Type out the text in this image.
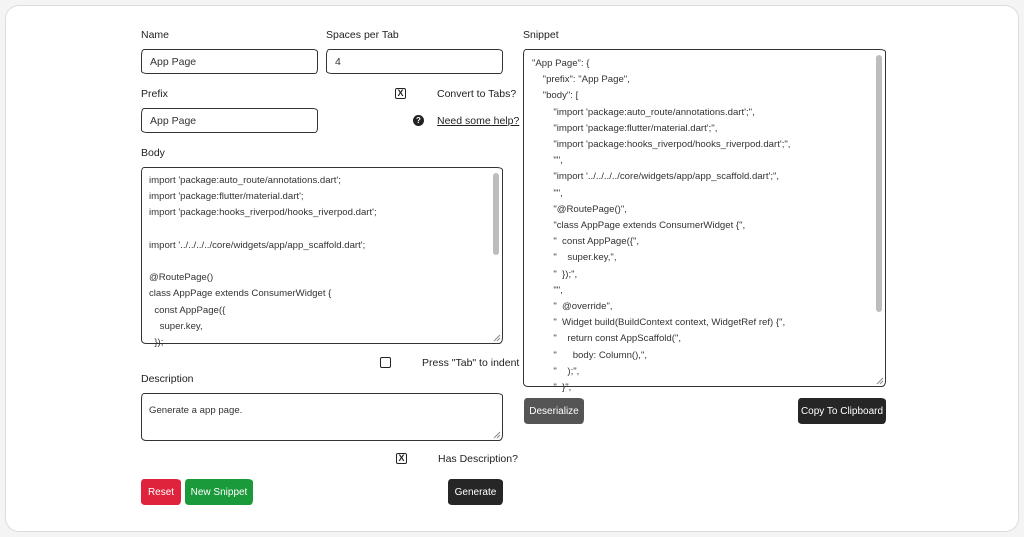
Name
App Page
Spaces per Tab
4
Prefix	X	Convert to Tabs?
App Page	? Need some help?
Body
import 'package:auto_route/annotations.dart';
import 'package:flutter/material.dart';
import 'package:hooks_riverpod/hooks_riverpod.dart';

import '../../../../core/widgets/app/app_scaffold.dart';

@RoutePage()
class AppPage extends ConsumerWidget {
const AppPage({
super.key,
});
Press "Tab" to indent
Description
Generate a app page.
X	Has Description?
Reset	New Snippet	Generate
Snippet
"App Page": {
"prefix": "App Page",
"body": [
"import 'package:auto_route/annotations.dart';",
"import 'package:flutter/material.dart';",
"import 'package:hooks_riverpod/hooks_riverpod.dart';",
"",
"import '../../../../core/widgets/app/app_scaffold.dart';",
"",
"@RoutePage()",
"class AppPage extends ConsumerWidget {",
"  const AppPage({",
"    super.key,",
"  });",
"",
"  @override",
"  Widget build(BuildContext context, WidgetRef ref) {",
"    return const AppScaffold(",
"      body: Column(),",
"    );",
"  }",
Deserialize	Copy To Clipboard
